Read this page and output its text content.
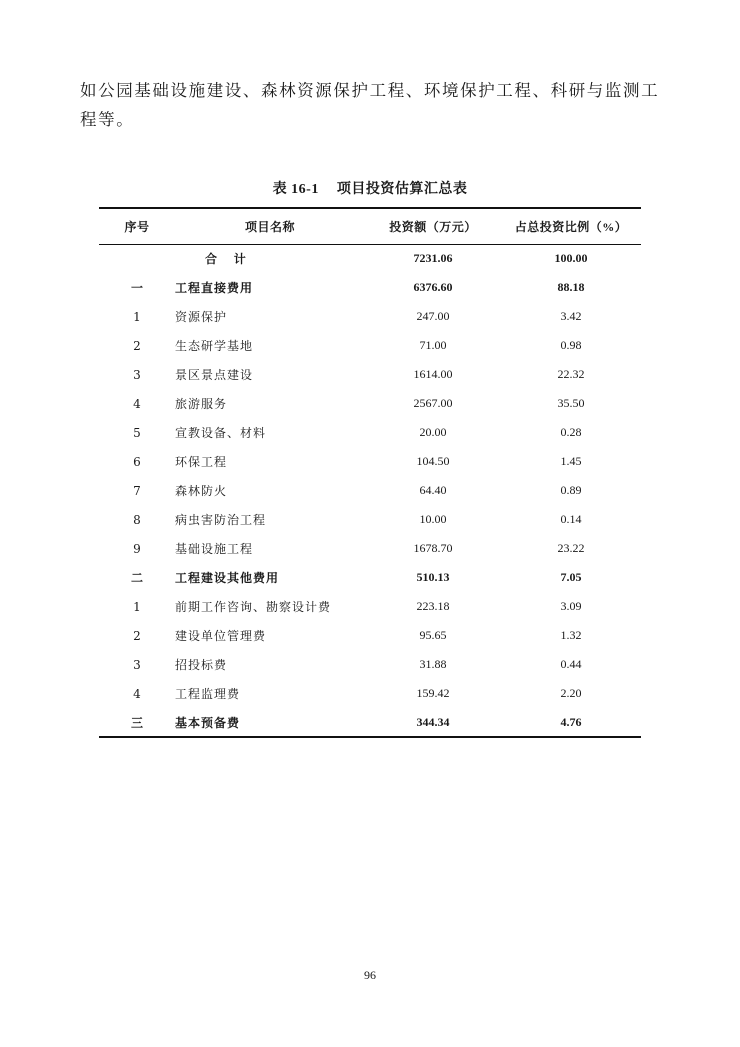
如公园基础设施建设、森林资源保护工程、环境保护工程、科研与监测工程等。

表 16-1 项目投资估算汇总表
序号	项目名称	投资额（万元）	占总投资比例（%）
	合    计	7231.06	100.00
一	工程直接费用	6376.60	88.18
1	资源保护	247.00	3.42
2	生态研学基地	71.00	0.98
3	景区景点建设	1614.00	22.32
4	旅游服务	2567.00	35.50
5	宣教设备、材料	20.00	0.28
6	环保工程	104.50	1.45
7	森林防火	64.40	0.89
8	病虫害防治工程	10.00	0.14
9	基础设施工程	1678.70	23.22
二	工程建设其他费用	510.13	7.05
1	前期工作咨询、勘察设计费	223.18	3.09
2	建设单位管理费	95.65	1.32
3	招投标费	31.88	0.44
4	工程监理费	159.42	2.20
三	基本预备费	344.34	4.76
96
